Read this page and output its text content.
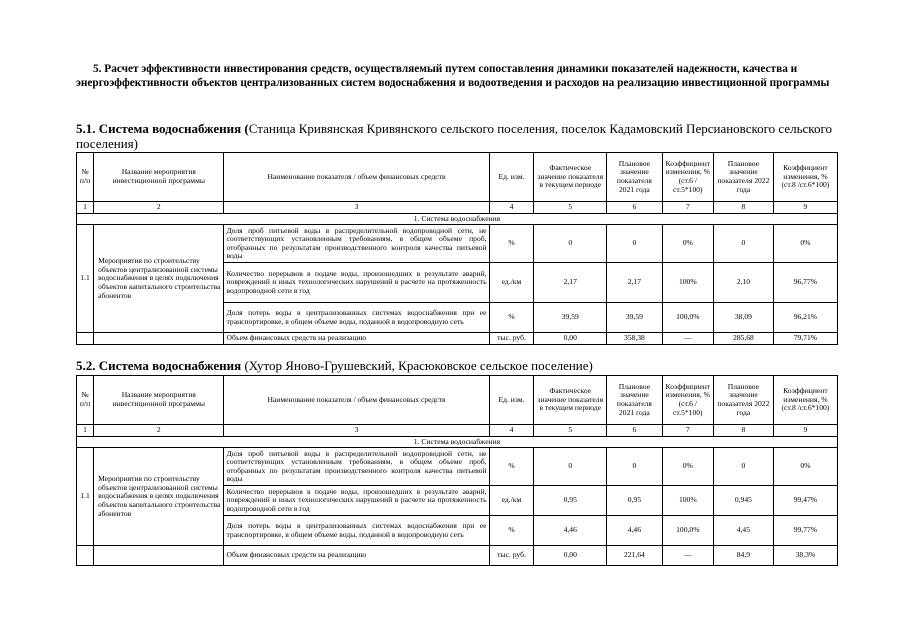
5. Расчет эффективности инвестирования средств, осуществляемый путем сопоставления динамики показателей надежности, качества и энергоэффективности объектов централизованных систем водоснабжения и водоотведения и расходов на реализацию инвестиционной программы
5.1. Система водоснабжения (Станица Кривянская Кривянского сельского поселения, поселок Кадамовский Персиановского сельского поселения)
№ п/п	Название мероприятия инвестиционной программы	Наименование показателя / объем финансовых средств	Ед. изм.	Фактическое значение показателя в текущем периоде	Плановое значение показателя 2021 года	Коэффициент изменения, % (ст.6 /ст.5*100)	Плановое значение показателя 2022 года	Коэффициент изменения, % (ст.8 /ст.6*100)
1	2	3	4	5	6	7	8	9
1. Система водоснабжения								
1.1	Мероприятия по строительству объектов централизованной системы водоснабжения в целях подключения объектов капитального строительства абонентов	Доля проб питьевой воды в распределительной водопроводной сети, не соответствующих установленным требованиям, в общем объеме проб, отобранных по результатам производственного контроля качества питьевой воды	%	0	0	0%	0	0%
		Количество перерывов в подаче воды, произошедших в результате аварий, повреждений и иных технологических нарушений в расчете на протяженность водопроводной сети в год	ед./км	2,17	2,17	100%	2,10	96,77%
		Доля потерь воды в централизованных системах водоснабжения при ее транспортировке, в общем объеме воды, поданной в водопроводную сеть	%	39,59	39,59	100,0%	38,09	96,21%
		Объем финансовых средств на реализацию	тыс. руб.	0,00	358,38	—	285,68	79,71%
5.2. Система водоснабжения (Хутор Яново-Грушевский, Красюковское сельское поселение)
№ п/п	Название мероприятия инвестиционной программы	Наименование показателя / объем финансовых средств	Ед. изм.	Фактическое значение показателя в текущем периоде	Плановое значение показателя 2021 года	Коэффициент изменения, % (ст.6 /ст.5*100)	Плановое значение показателя 2022 года	Коэффициент изменения, % (ст.8 /ст.6*100)
1	2	3	4	5	6	7	8	9
1. Система водоснабжения								
1.1	Мероприятия по строительству объектов централизованной системы водоснабжения в целях подключения объектов капитального строительства абонентов	Доля проб питьевой воды в распределительной водопроводной сети, не соответствующих установленным требованиям, в общем объеме проб, отобранных по результатам производственного контроля качества питьевой воды	%	0	0	0%	0	0%
		Количество перерывов в подаче воды, произошедших в результате аварий, повреждений и иных технологических нарушений в расчете на протяженность водопроводной сети в год	ед./км	0,95	0,95	100%	0,945	99,47%
		Доля потерь воды в централизованных системах водоснабжения при ее транспортировке, в общем объеме воды, поданной в водопроводную сеть	%	4,46	4,46	100,0%	4,45	99,77%
		Объем финансовых средств на реализацию	тыс. руб.	0,00	221,64	—	84,9	38,3%
